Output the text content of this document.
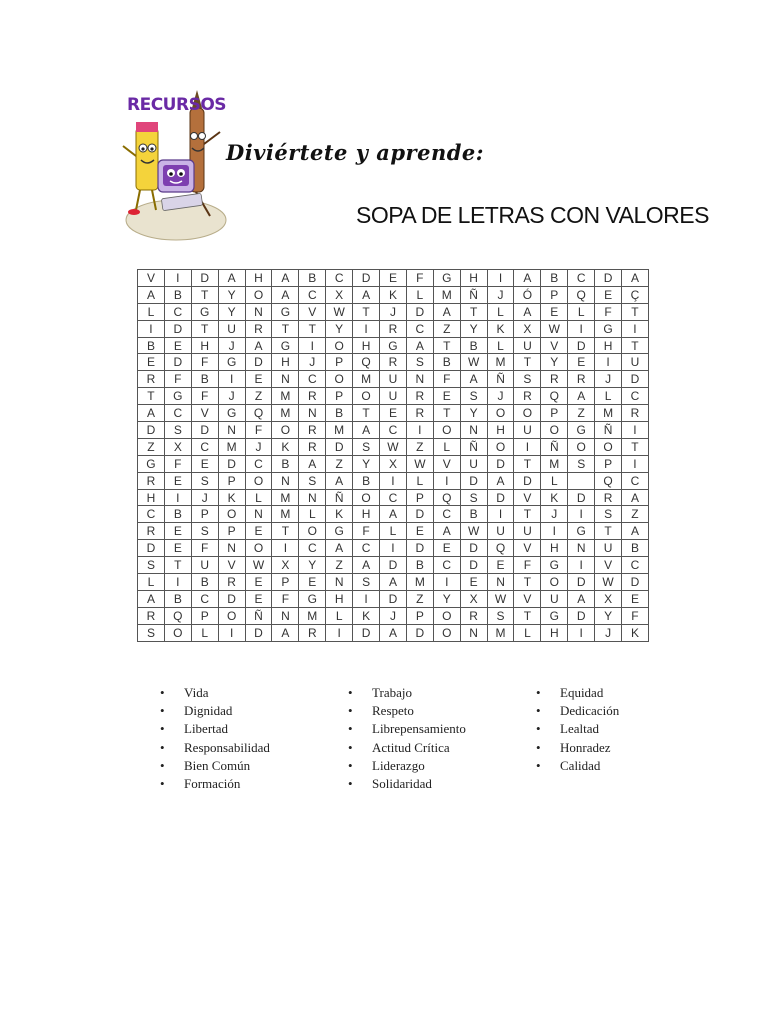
RECURSOS
Diviértete y aprende:
SOPA DE LETRAS CON VALORES
V	I	D	A	H	A	B	C	D	E	F	G	H	I	A	B	C	D	A
A	B	T	Y	O	A	C	X	A	K	L	M	Ñ	J	Ó	P	Q	E	Ç
L	C	G	Y	N	G	V	W	T	J	D	A	T	L	A	E	L	F	T
I	D	T	U	R	T	T	Y	I	R	C	Z	Y	K	X	W	I	G	I
B	E	H	J	A	G	I	O	H	G	A	T	B	L	U	V	D	H	T
E	D	F	G	D	H	J	P	Q	R	S	B	W	M	T	Y	E	I	U
R	F	B	I	E	N	C	O	M	U	N	F	A	Ñ	S	R	R	J	D
T	G	F	J	Z	M	R	P	O	U	R	E	S	J	R	Q	A	L	C
A	C	V	G	Q	M	N	B	T	E	R	T	Y	O	O	P	Z	M	R
D	S	D	N	F	O	R	M	A	C	I	O	N	H	U	O	G	Ñ	I
Z	X	C	M	J	K	R	D	S	W	Z	L	Ñ	O	I	Ñ	O	O	T
G	F	E	D	C	B	A	Z	Y	X	W	V	U	D	T	M	S	P	I
R	E	S	P	O	N	S	A	B	I	L	I	D	A	D	L		Q	C
H	I	J	K	L	M	N	Ñ	O	C	P	Q	S	D	V	K	D	R	A
C	B	P	O	N	M	L	K	H	A	D	C	B	I	T	J	I	S	Z
R	E	S	P	E	T	O	G	F	L	E	A	W	U	U	I	G	T	A
D	E	F	N	O	I	C	A	C	I	D	E	D	Q	V	H	N	U	B
S	T	U	V	W	X	Y	Z	A	D	B	C	D	E	F	G	I	V	C
L	I	B	R	E	P	E	N	S	A	M	I	E	N	T	O	D	W	D
A	B	C	D	E	F	G	H	I	D	Z	Y	X	W	V	U	A	X	E
R	Q	P	O	Ñ	N	M	L	K	J	P	O	R	S	T	G	D	Y	F
S	O	L	I	D	A	R	I	D	A	D	O	N	M	L	H	I	J	K
• Vida
• Dignidad
• Libertad
• Responsabilidad
• Bien Común
• Formación
• Trabajo
• Respeto
• Librepensamiento
• Actitud Crítica
• Liderazgo
• Solidaridad
• Equidad
• Dedicación
• Lealtad
• Honradez
• Calidad
